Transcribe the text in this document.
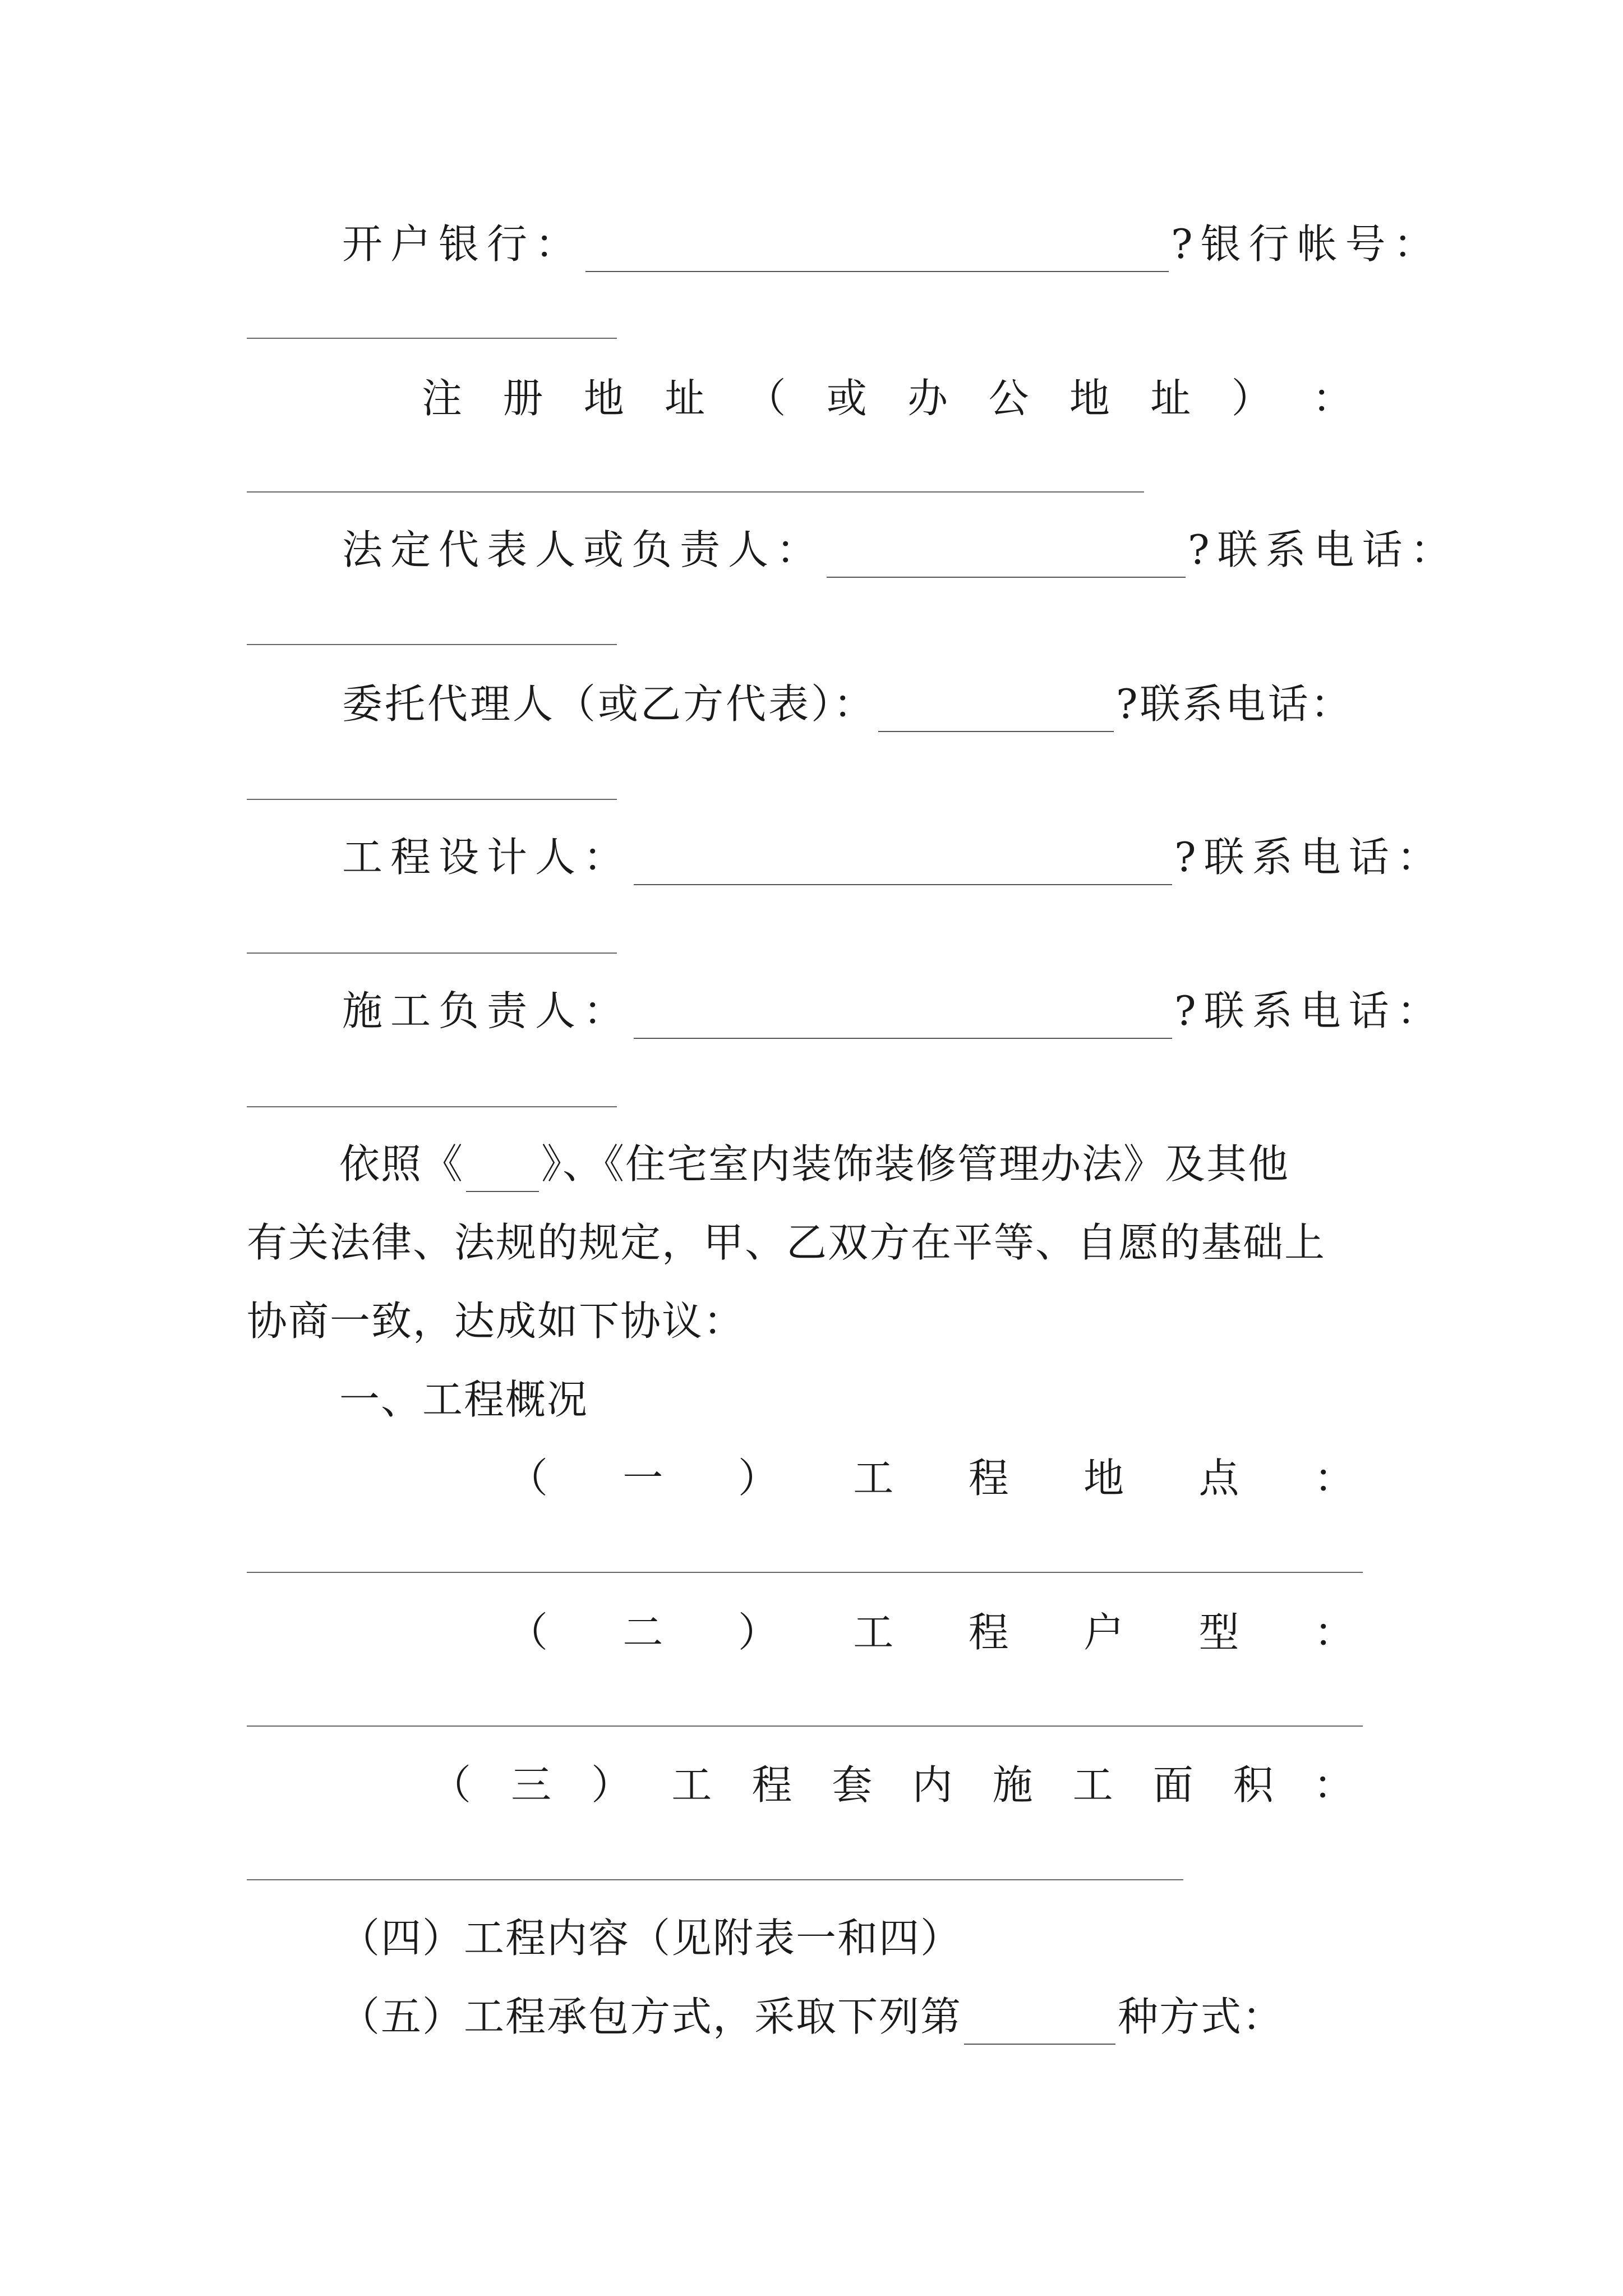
开户银行：	?银行帐号：
注 册 地 址 （ 或 办 公 地 址 ） ：
法定代表人或负责人：	?联系电话：
委托代理人（或乙方代表）：	?联系电话：
工程设计人：	?联系电话：
施工负责人：	?联系电话：
依照《 》、《住宅室内装饰装修管理办法》及其他
有关法律、法规的规定，甲、乙双方在平等、自愿的基础上
协商一致，达成如下协议：
一、工程概况
（ 一 ） 工 程 地 点 ：
（ 二 ） 工 程 户 型 ：
（ 三 ） 工 程 套 内 施 工 面 积 ：
（四）工程内容（见附表一和四）
（五）工程承包方式，采取下列第	种方式：
